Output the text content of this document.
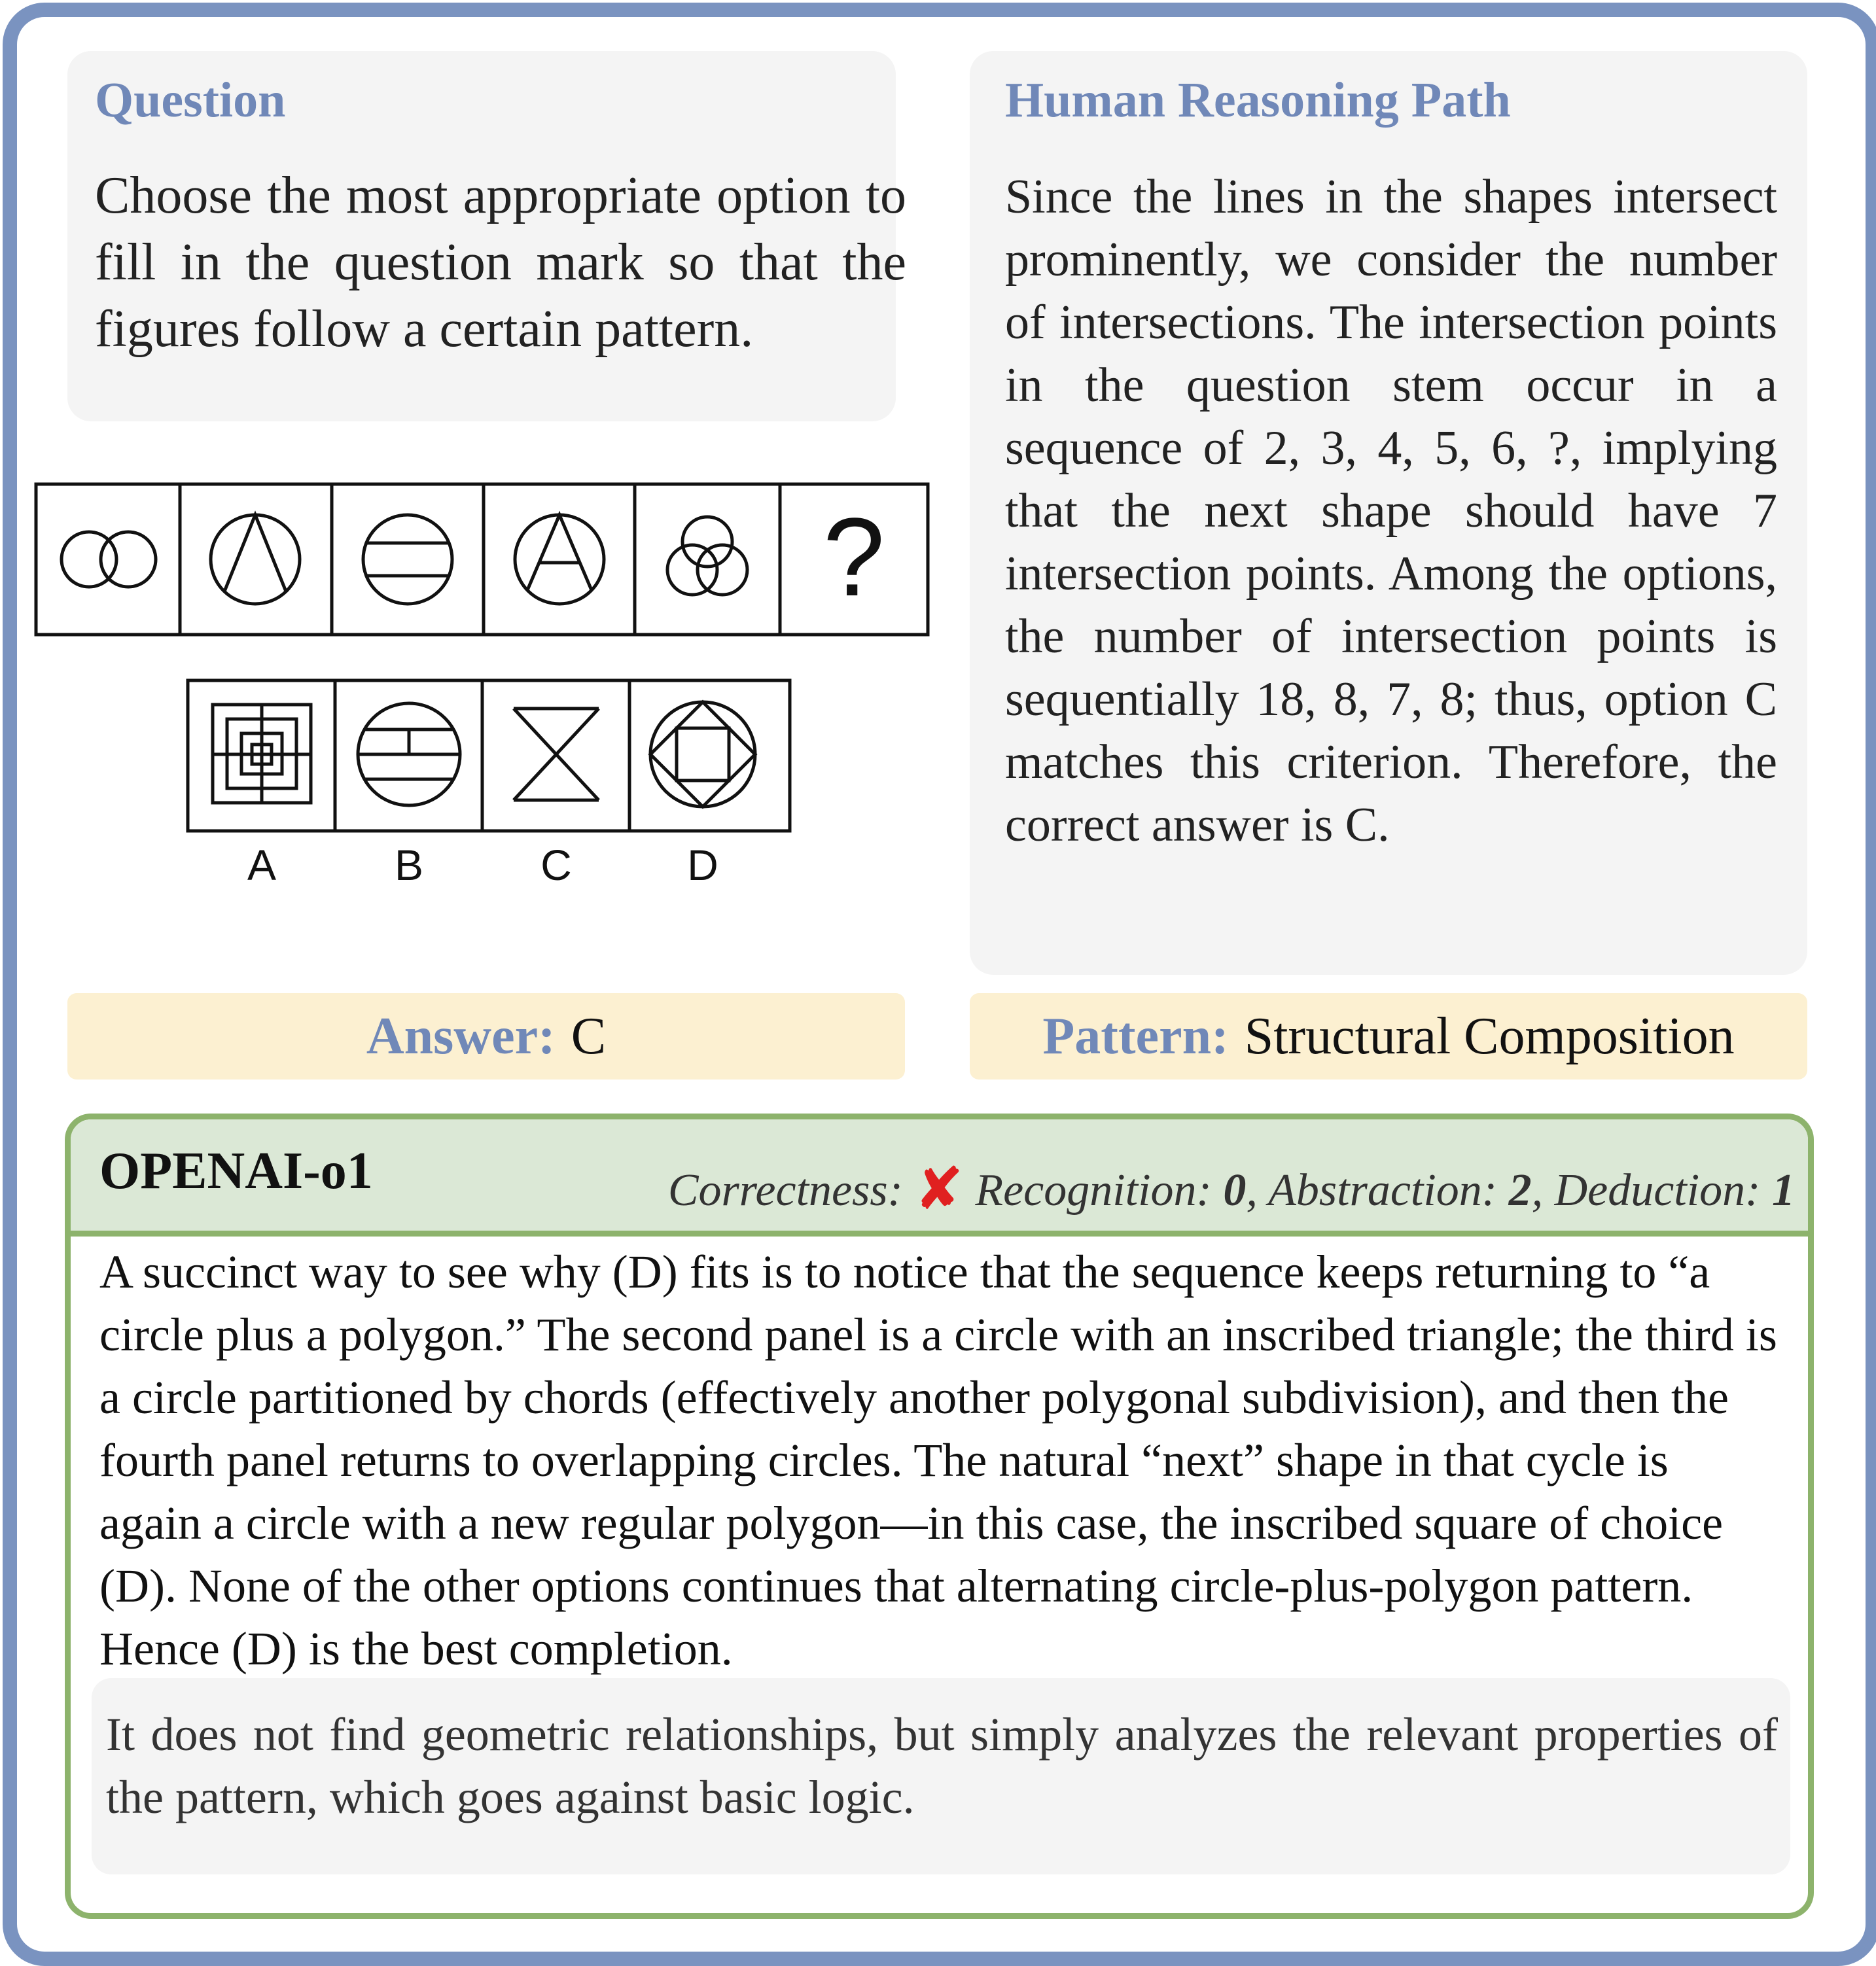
Question
Choose the most appropriate option to fill in the question mark so that the figures follow a certain pattern.
?
A	B	C	D
Human Reasoning Path
Since the lines in the shapes intersect prominently, we consider the number of intersections. The intersection points in the question stem occur in a sequence of 2, 3, 4, 5, 6, ?, implying that the next shape should have 7 intersection points. Among the options, the number of intersection points is sequentially 18, 8, 7, 8; thus, option C matches this criterion. Therefore, the correct answer is C.
Answer: C	Pattern: Structural Composition
OPENAI-o1	Correctness: ✘ Recognition: 0, Abstraction: 2, Deduction: 1
A succinct way to see why (D) fits is to notice that the sequence keeps returning to “a circle plus a polygon.” The second panel is a circle with an inscribed triangle; the third is a circle partitioned by chords (effectively another polygonal subdivision), and then the fourth panel returns to overlapping circles. The natural “next” shape in that cycle is again a circle with a new regular polygon—in this case, the inscribed square of choice (D). None of the other options continues that alternating circle-plus-polygon pattern. Hence (D) is the best completion.
It does not find geometric relationships, but simply analyzes the relevant properties of the pattern, which goes against basic logic.
